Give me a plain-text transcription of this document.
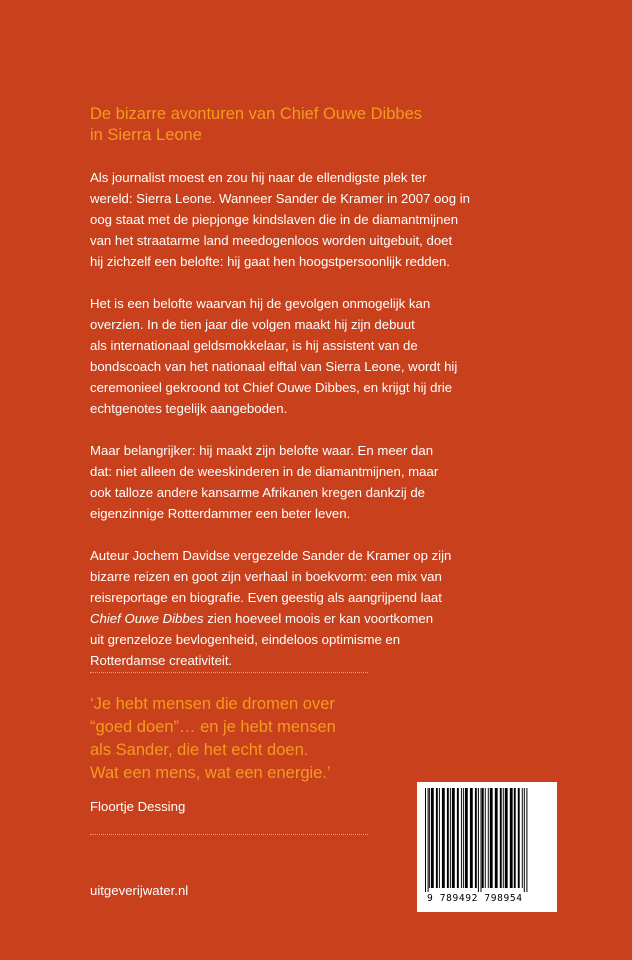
De bizarre avonturen van Chief Ouwe Dibbes
in Sierra Leone

Als journalist moest en zou hij naar de ellendigste plek ter
wereld: Sierra Leone. Wanneer Sander de Kramer in 2007 oog in
oog staat met de piepjonge kindslaven die in de diamantmijnen
van het straatarme land meedogenloos worden uitgebuit, doet
hij zichzelf een belofte: hij gaat hen hoogstpersoonlijk redden.

Het is een belofte waarvan hij de gevolgen onmogelijk kan
overzien. In de tien jaar die volgen maakt hij zijn debuut
als internationaal geldsmokkelaar, is hij assistent van de
bondscoach van het nationaal elftal van Sierra Leone, wordt hij
ceremonieel gekroond tot Chief Ouwe Dibbes, en krijgt hij drie
echtgenotes tegelijk aangeboden.

Maar belangrijker: hij maakt zijn belofte waar. En meer dan
dat: niet alleen de weeskinderen in de diamantmijnen, maar
ook talloze andere kansarme Afrikanen kregen dankzij de
eigenzinnige Rotterdammer een beter leven.

Auteur Jochem Davidse vergezelde Sander de Kramer op zijn
bizarre reizen en goot zijn verhaal in boekvorm: een mix van
reisreportage en biografie. Even geestig als aangrijpend laat
Chief Ouwe Dibbes zien hoeveel moois er kan voortkomen
uit grenzeloze bevlogenheid, eindeloos optimisme en
Rotterdamse creativiteit.

‘Je hebt mensen die dromen over
“goed doen”… en je hebt mensen
als Sander, die het echt doen.
Wat een mens, wat een energie.’
Floortje Dessing
uitgeverijwater.nl
9 789492 798954
